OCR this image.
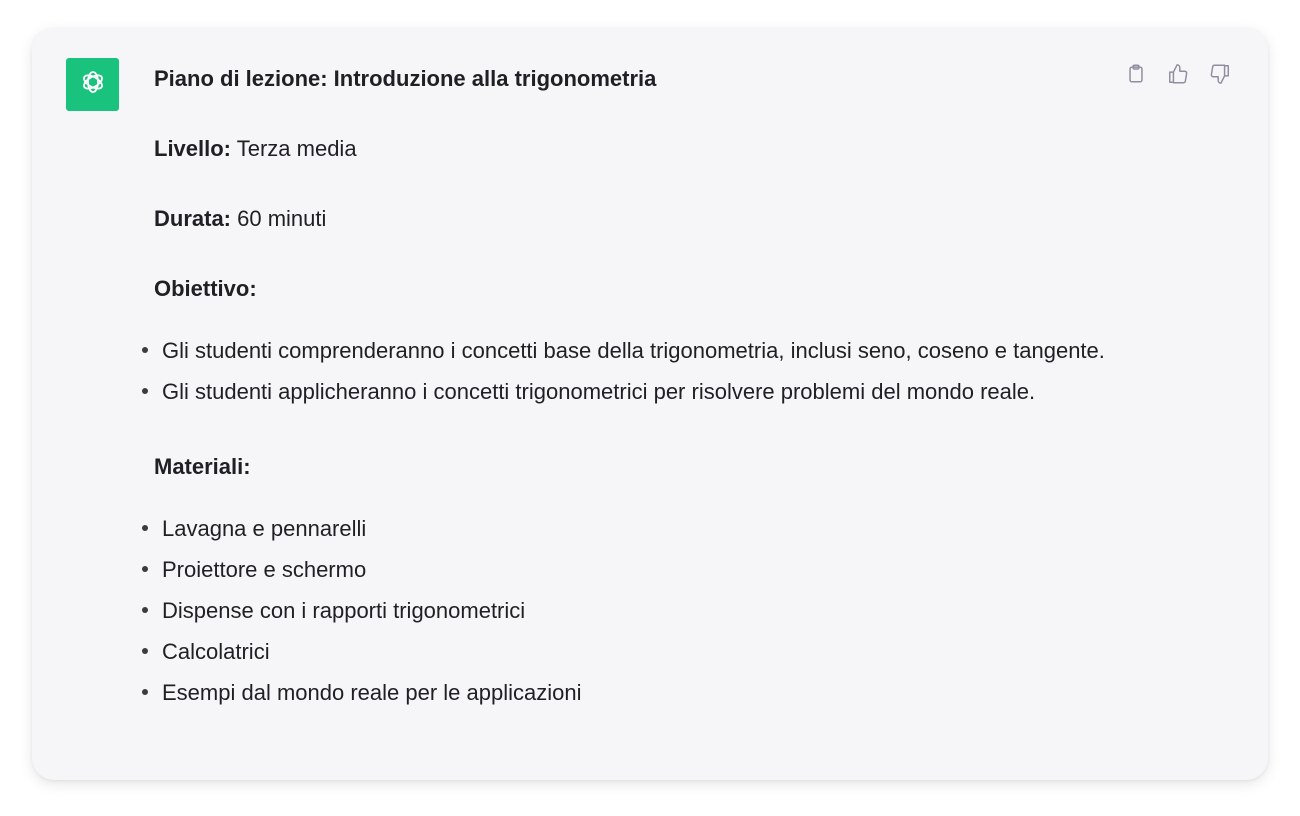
Piano di lezione: Introduzione alla trigonometria
Livello: Terza media
Durata: 60 minuti
Obiettivo:
Gli studenti comprenderanno i concetti base della trigonometria, inclusi seno, coseno e tangente.
Gli studenti applicheranno i concetti trigonometrici per risolvere problemi del mondo reale.
Materiali:
Lavagna e pennarelli
Proiettore e schermo
Dispense con i rapporti trigonometrici
Calcolatrici
Esempi dal mondo reale per le applicazioni
